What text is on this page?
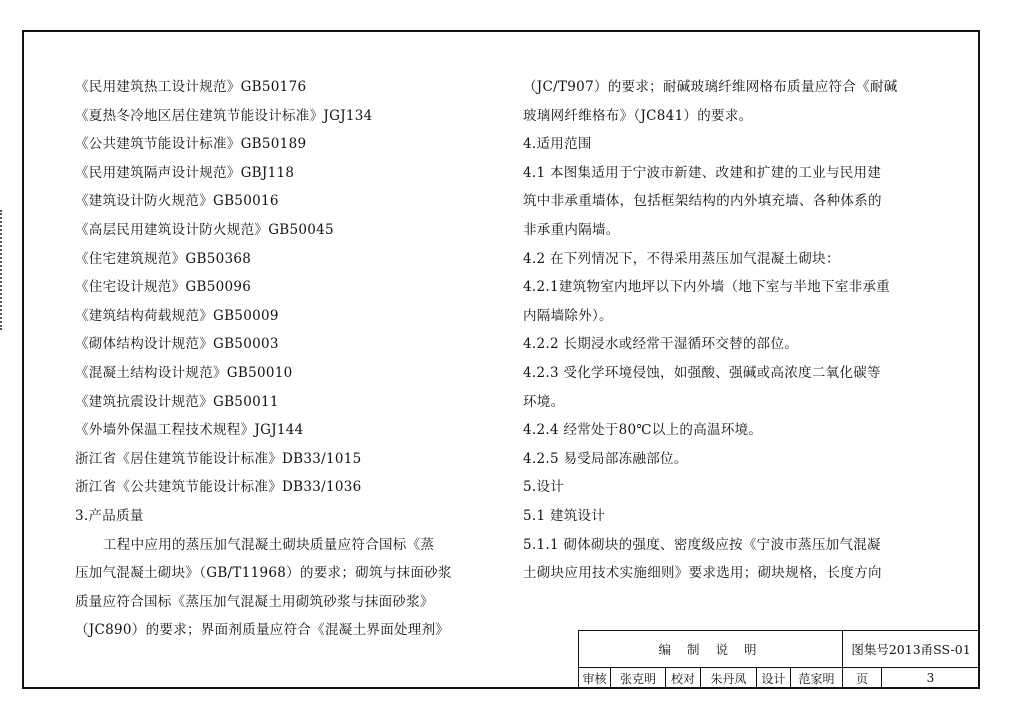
《民用建筑热工设计规范》GB50176
《夏热冬冷地区居住建筑节能设计标准》JGJ134
《公共建筑节能设计标准》GB50189
《民用建筑隔声设计规范》GBJ118
《建筑设计防火规范》GB50016
《高层民用建筑设计防火规范》GB50045
《住宅建筑规范》GB50368
《住宅设计规范》GB50096
《建筑结构荷载规范》GB50009
《砌体结构设计规范》GB50003
《混凝土结构设计规范》GB50010
《建筑抗震设计规范》GB50011
《外墙外保温工程技术规程》JGJ144
浙江省《居住建筑节能设计标准》DB33/1015
浙江省《公共建筑节能设计标准》DB33/1036
3.产品质量
工程中应用的蒸压加气混凝土砌块质量应符合国标《蒸
压加气混凝土砌块》（GB/T11968）的要求；砌筑与抹面砂浆
质量应符合国标《蒸压加气混凝土用砌筑砂浆与抹面砂浆》
（JC890）的要求；界面剂质量应符合《混凝土界面处理剂》
（JC/T907）的要求；耐碱玻璃纤维网格布质量应符合《耐碱
玻璃网纤维格布》（JC841）的要求。
4.适用范围
4.1 本图集适用于宁波市新建、改建和扩建的工业与民用建
筑中非承重墙体，包括框架结构的内外填充墙、各种体系的
非承重内隔墙。
4.2 在下列情况下，不得采用蒸压加气混凝土砌块：
4.2.1建筑物室内地坪以下内外墙（地下室与半地下室非承重
内隔墙除外）。
4.2.2 长期浸水或经常干湿循环交替的部位。
4.2.3 受化学环境侵蚀，如强酸、强碱或高浓度二氧化碳等
环境。
4.2.4 经常处于80℃以上的高温环境。
4.2.5 易受局部冻融部位。
5.设计
5.1 建筑设计
5.1.1 砌体砌块的强度、密度级应按《宁波市蒸压加气混凝
土砌块应用技术实施细则》要求选用；砌块规格，长度方向
编 制 说 明	图集号 2013甬SS-01
审核	张克明	校对	朱丹凤	设计	范家明	页	3
